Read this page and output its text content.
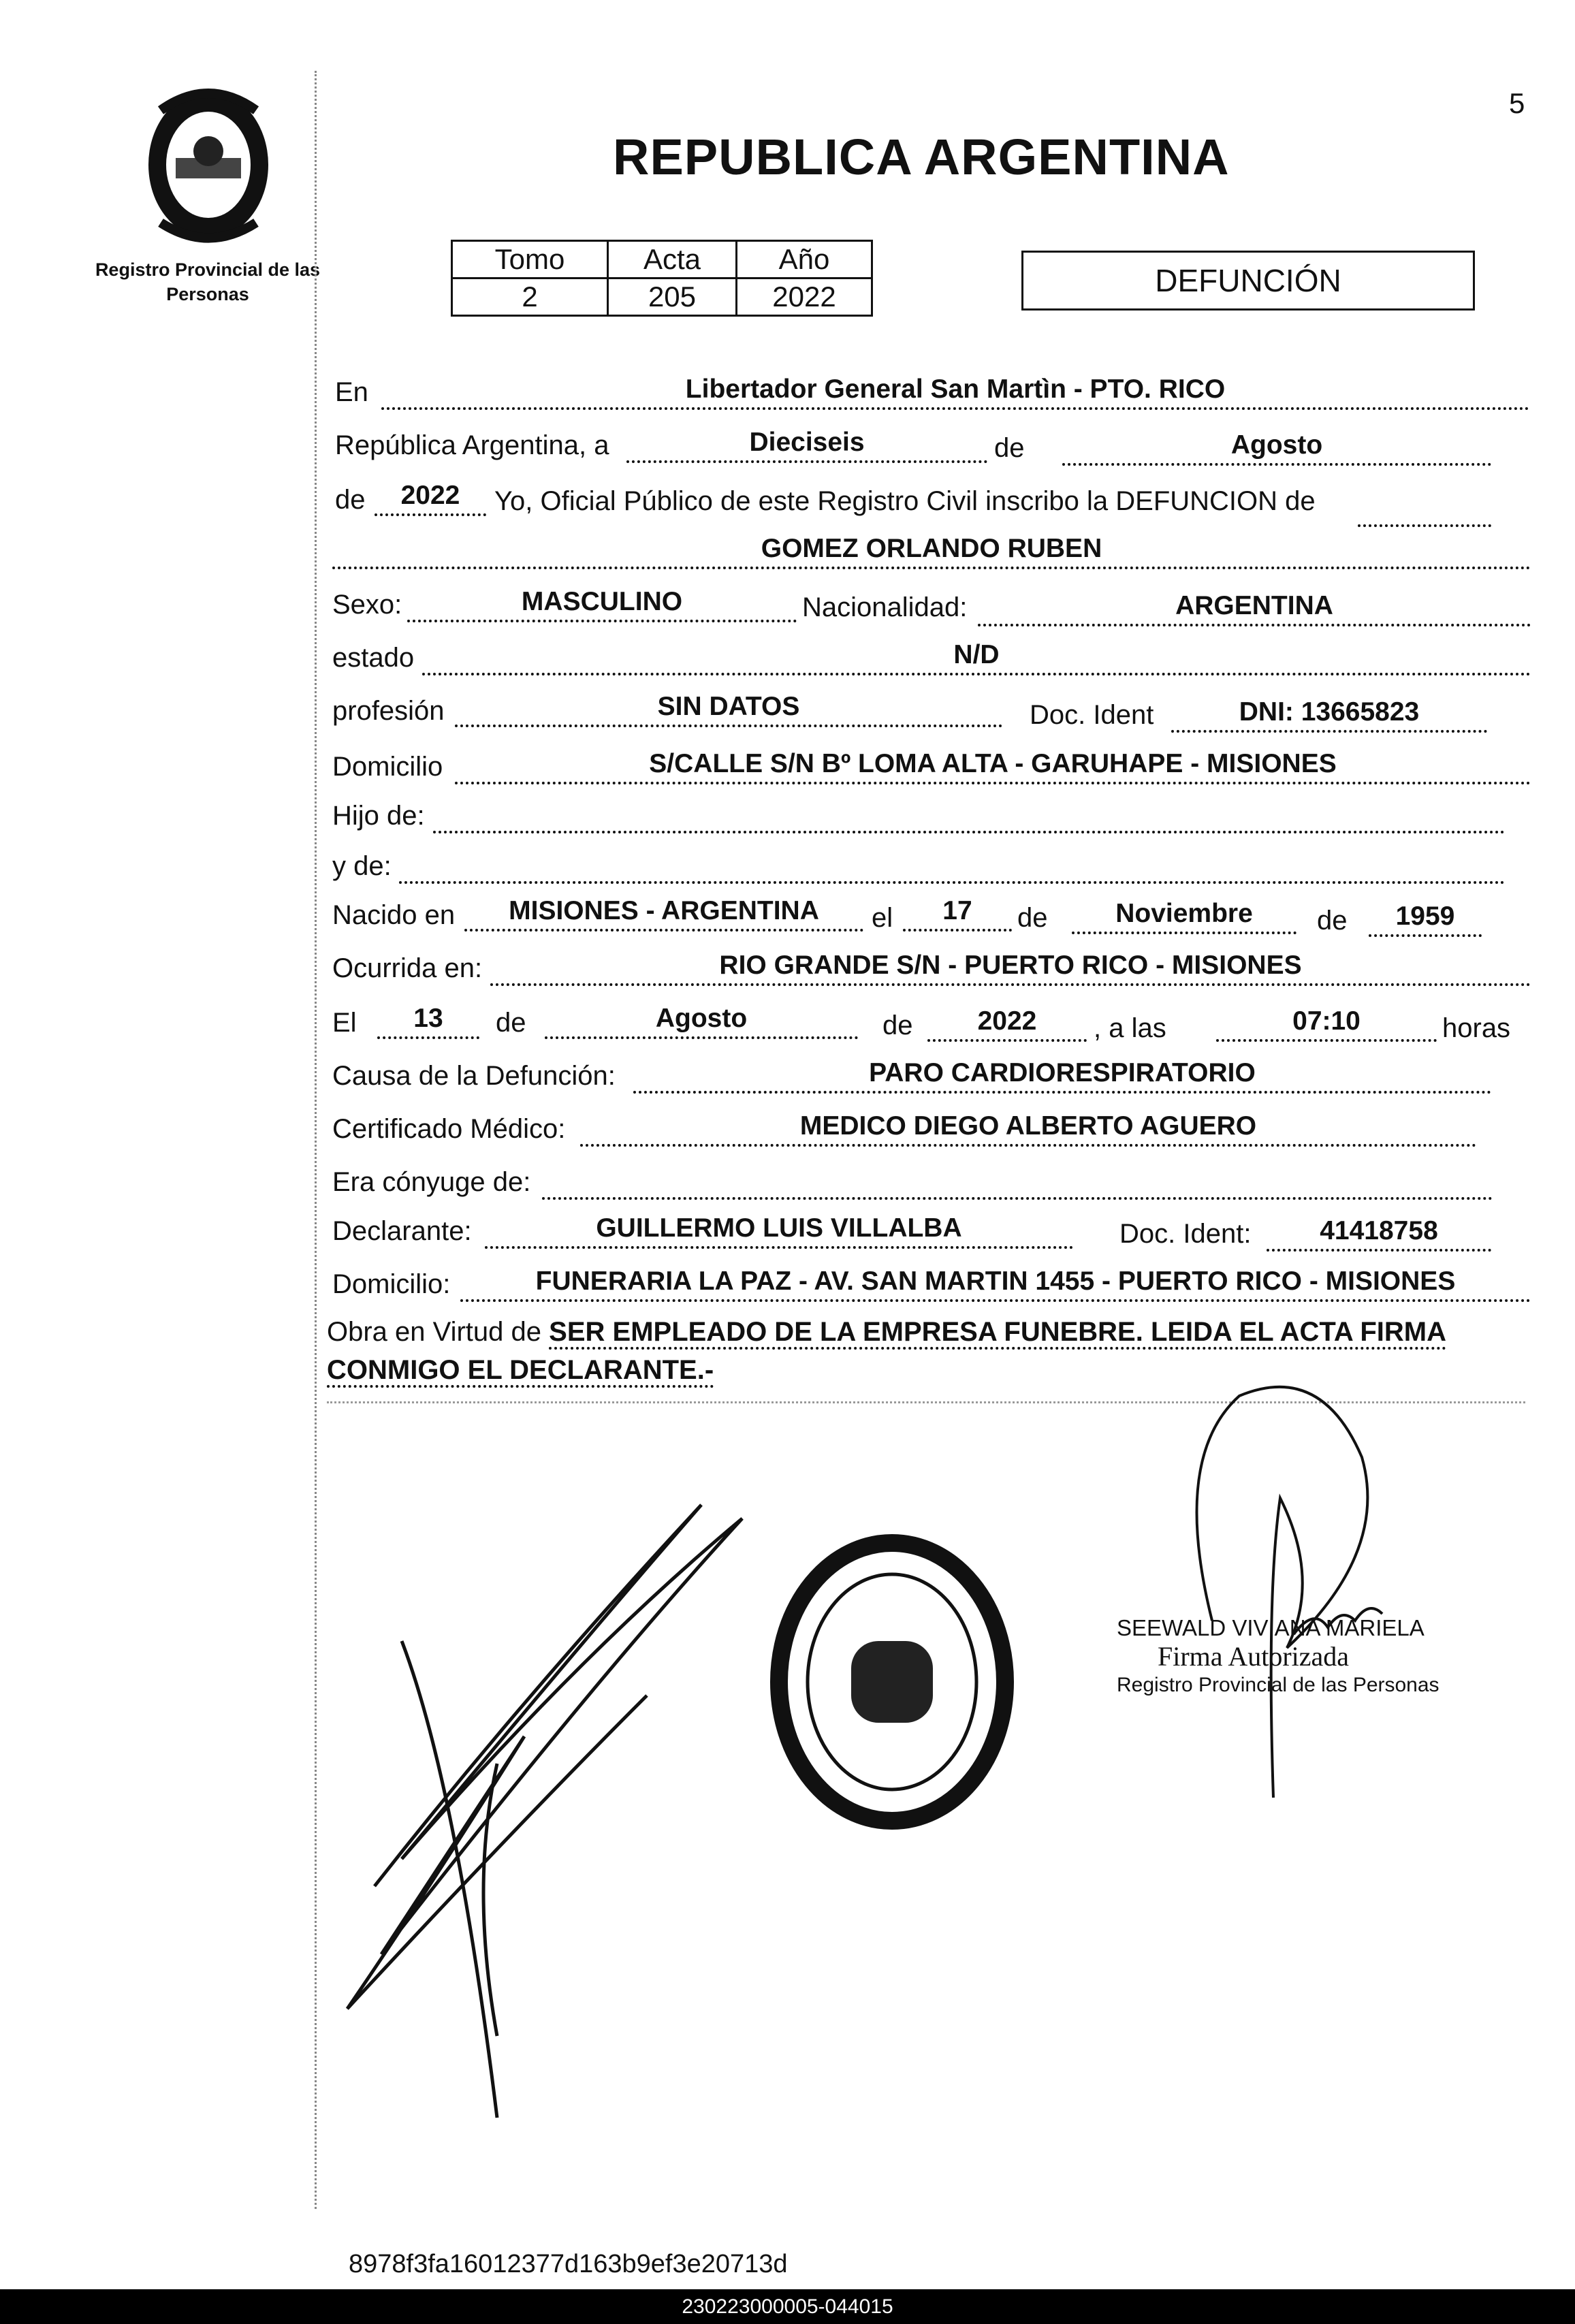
5
Registro Provincial de las Personas
REPUBLICA ARGENTINA
Tomo	Acta	Año
2	205	2022	DEFUNCIÓN
En	Libertador General San Martìn - PTO. RICO
República Argentina, a	Dieciseis	de	Agosto
de	2022	Yo, Oficial Público de este Registro Civil inscribo la DEFUNCION de
GOMEZ ORLANDO RUBEN
Sexo:	MASCULINO	Nacionalidad:	ARGENTINA
estado	N/D
profesión	SIN DATOS	Doc. Ident	DNI: 13665823
Domicilio	S/CALLE S/N Bº LOMA ALTA - GARUHAPE - MISIONES
Hijo de:
y de:
Nacido en	MISIONES - ARGENTINA	el	17	de	Noviembre	de	1959
Ocurrida en:	RIO GRANDE S/N - PUERTO RICO - MISIONES
El	13	de	Agosto	de	2022	, a las	07:10	horas
Causa de la Defunción:	PARO CARDIORESPIRATORIO
Certificado Médico:	MEDICO DIEGO ALBERTO AGUERO
Era cónyuge de:
Declarante:	GUILLERMO LUIS VILLALBA	Doc. Ident:	41418758
Domicilio:	FUNERARIA LA PAZ - AV. SAN MARTIN 1455 - PUERTO RICO - MISIONES
Obra en Virtud de SER EMPLEADO DE LA EMPRESA FUNEBRE. LEIDA EL ACTA FIRMA CONMIGO EL DECLARANTE.-
SEEWALD VIVIANA MARIELA
Firma Autorizada
Registro Provincial de las Personas
8978f3fa16012377d163b9ef3e20713d
230223000005-044015
